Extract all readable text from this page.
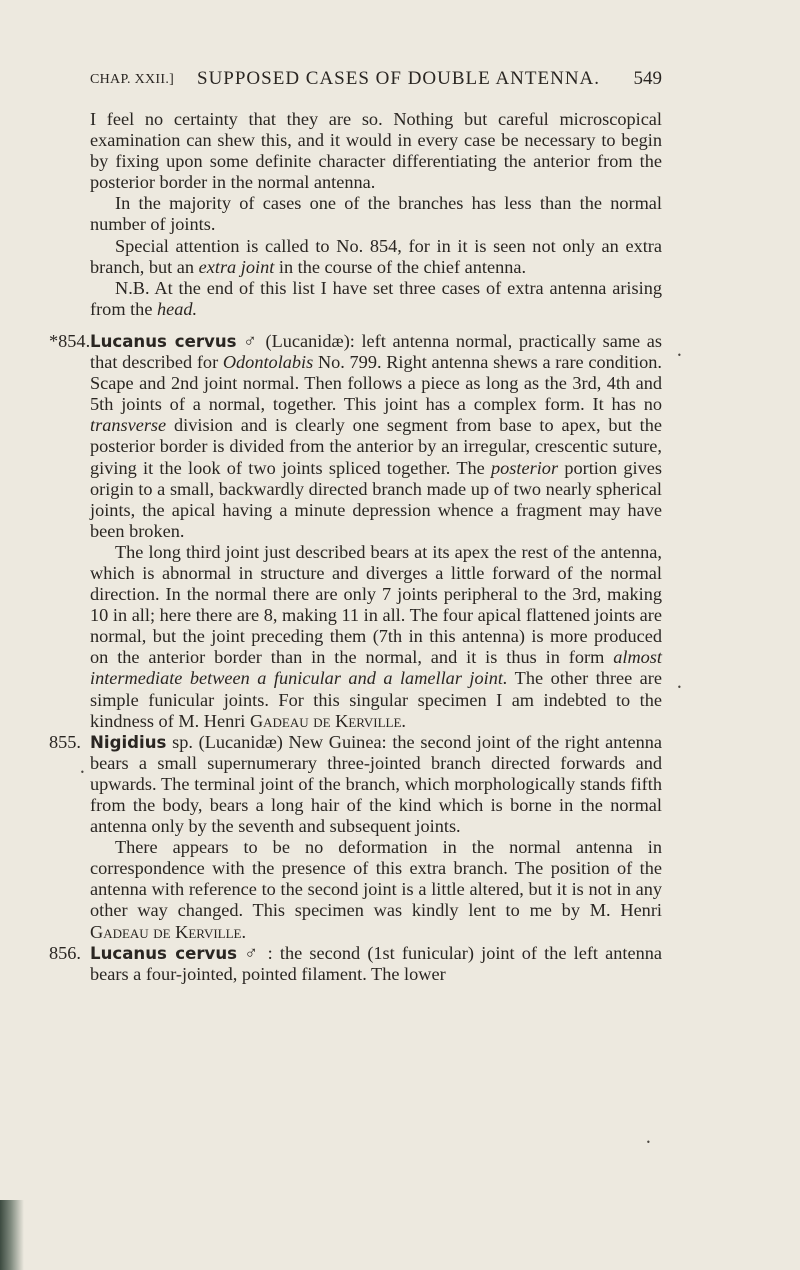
CHAP. XXII.] SUPPOSED CASES OF DOUBLE ANTENNA. 549

I feel no certainty that they are so. Nothing but careful microscopical examination can shew this, and it would in every case be necessary to begin by fixing upon some definite character differentiating the anterior from the posterior border in the normal antenna.

In the majority of cases one of the branches has less than the normal number of joints.

Special attention is called to No. 854, for in it is seen not only an extra branch, but an extra joint in the course of the chief antenna.

N.B. At the end of this list I have set three cases of extra antenna arising from the head.

*854. Lucanus cervus ♂ (Lucanidæ): left antenna normal, practically same as that described for Odontolabis No. 799. Right antenna shews a rare condition. Scape and 2nd joint normal. Then follows a piece as long as the 3rd, 4th and 5th joints of a normal, together. This joint has a complex form. It has no transverse division and is clearly one segment from base to apex, but the posterior border is divided from the anterior by an irregular, crescentic suture, giving it the look of two joints spliced together. The posterior portion gives origin to a small, backwardly directed branch made up of two nearly spherical joints, the apical having a minute depression whence a fragment may have been broken.

The long third joint just described bears at its apex the rest of the antenna, which is abnormal in structure and diverges a little forward of the normal direction. In the normal there are only 7 joints peripheral to the 3rd, making 10 in all; here there are 8, making 11 in all. The four apical flattened joints are normal, but the joint preceding them (7th in this antenna) is more produced on the anterior border than in the normal, and it is thus in form almost intermediate between a funicular and a lamellar joint. The other three are simple funicular joints. For this singular specimen I am indebted to the kindness of M. Henri Gadeau de Kerville.

855. Nigidius sp. (Lucanidæ) New Guinea: the second joint of the right antenna bears a small supernumerary three-jointed branch directed forwards and upwards. The terminal joint of the branch, which morphologically stands fifth from the body, bears a long hair of the kind which is borne in the normal antenna only by the seventh and subsequent joints.

There appears to be no deformation in the normal antenna in correspondence with the presence of this extra branch. The position of the antenna with reference to the second joint is a little altered, but it is not in any other way changed. This specimen was kindly lent to me by M. Henri Gadeau de Kerville.

856. Lucanus cervus ♂ : the second (1st funicular) joint of the left antenna bears a four-jointed, pointed filament. The lower

•
•
•
•
